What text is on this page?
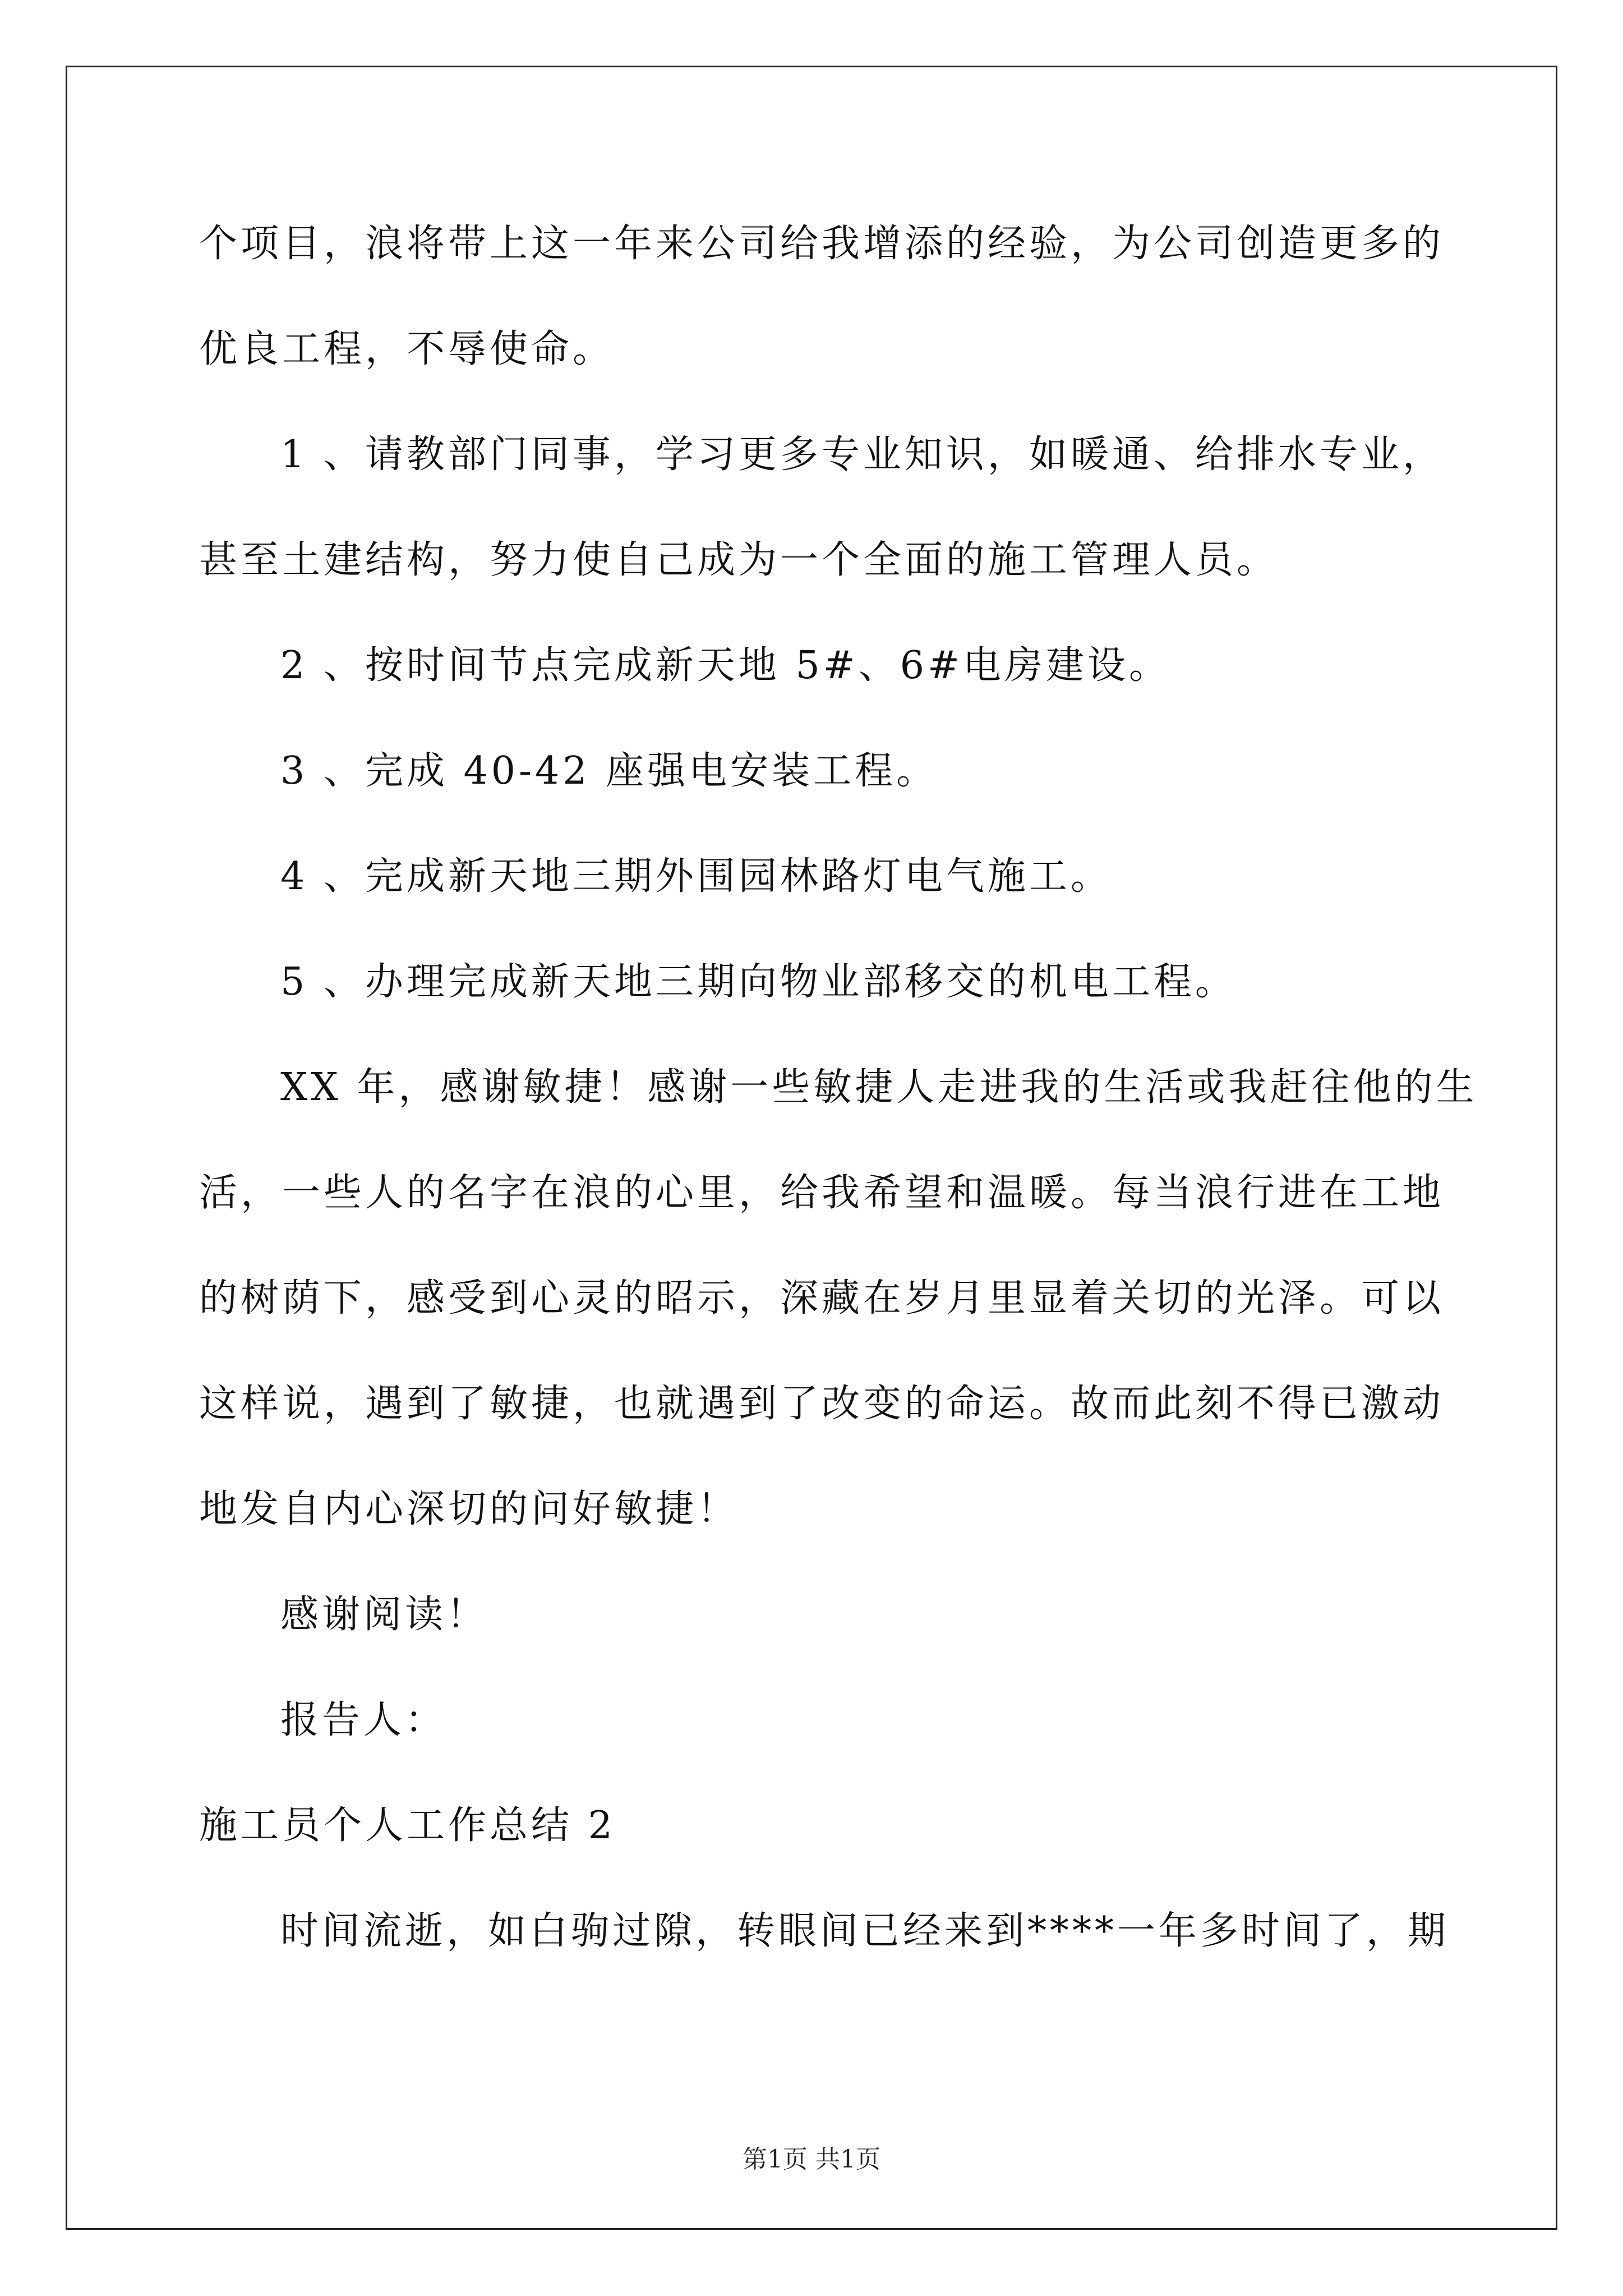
个项目，浪将带上这一年来公司给我增添的经验，为公司创造更多的
优良工程，不辱使命。
1 、请教部门同事，学习更多专业知识，如暖通、给排水专业，
甚至土建结构，努力使自己成为一个全面的施工管理人员。
2 、按时间节点完成新天地 5#、6#电房建设。
3 、完成 40-42 座强电安装工程。
4 、完成新天地三期外围园林路灯电气施工。
5 、办理完成新天地三期向物业部移交的机电工程。
XX 年，感谢敏捷！感谢一些敏捷人走进我的生活或我赶往他的生
活，一些人的名字在浪的心里，给我希望和温暖。每当浪行进在工地
的树荫下，感受到心灵的昭示，深藏在岁月里显着关切的光泽。可以
这样说，遇到了敏捷，也就遇到了改变的命运。故而此刻不得已激动
地发自内心深切的问好敏捷！
感谢阅读！
报告人：
施工员个人工作总结 2
时间流逝，如白驹过隙，转眼间已经来到****一年多时间了，期
第1页 共1页
